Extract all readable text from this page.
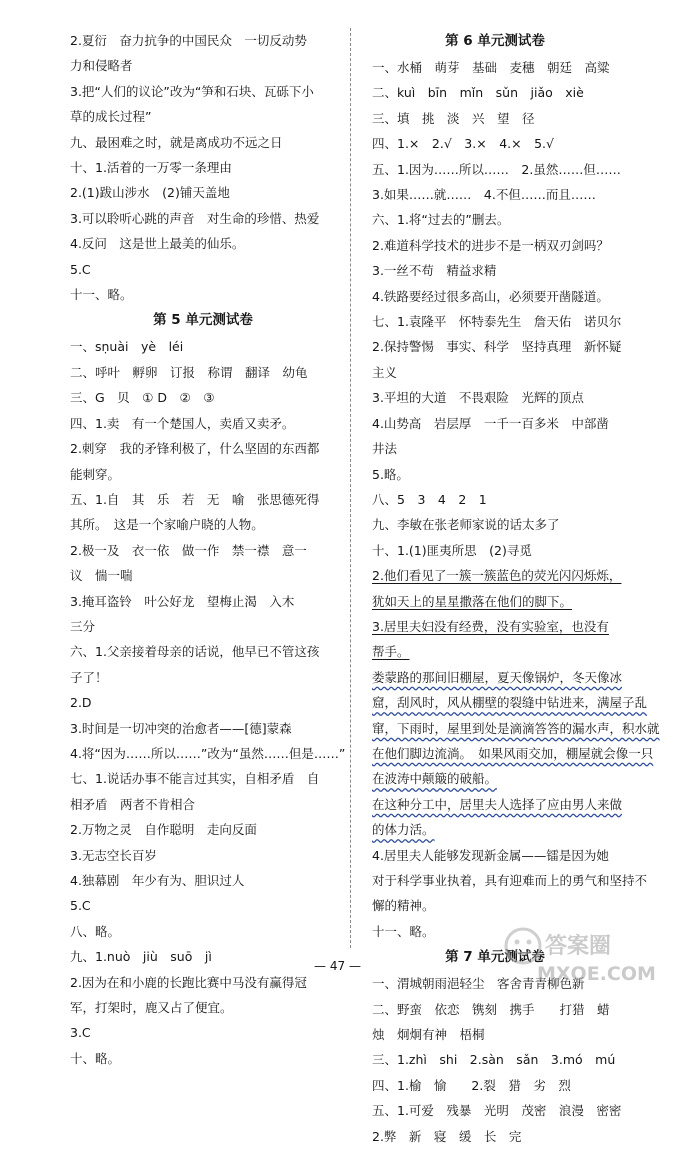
2.夏衍　奋力抗争的中国民众　一切反动势
力和侵略者
3.把“人们的议论”改为“笋和石块、瓦砾下小
草的成长过程”
九、最困难之时，就是离成功不远之日
十、1.活着的一万零一条理由
2.(1)跋山涉水　(2)铺天盖地
3.可以聆听心跳的声音　对生命的珍惜、热爱
4.反问　这是世上最美的仙乐。
5.C
十一、略。
第 5 单元测试卷
一、sṇuài　yè　léi
二、呼叶　孵卵　订报　称谓　翻译　幼龟
三、G　贝　① D　②　③
四、1.卖　有一个楚国人，卖盾又卖矛。
2.刺穿　我的矛锋利极了，什么坚固的东西都
能刺穿。
五、1.自　其　乐　若　无　喻　张思德死得
其所。　这是一个家喻户晓的人物。
2.极一及　衣一依　做一作　禁一襟　意一
议　惴一喘
3.掩耳盗铃　叶公好龙　望梅止渴　入木
三分
六、1.父亲接着母亲的话说，他早已不管这孩
子了！
2.D
3.时间是一切冲突的治愈者——[德]蒙森
4.将“因为……所以……”改为“虽然……但是……”
七、1.说话办事不能言过其实，自相矛盾　自
相矛盾　两者不肯相合
2.万物之灵　自作聪明　走向反面
3.无志空长百岁
4.独幕剧　年少有为、胆识过人
5.C
八、略。
九、1.nuò　jiù　suō　jì
2.因为在和小鹿的长跑比赛中马没有赢得冠
军，打架时，鹿又占了便宜。
3.C
十、略。
第 6 单元测试卷
一、水桶　萌芽　基础　麦穗　朝廷　高粱
二、kuì　bīn　mǐn　sǔn　jiǎo　xiè
三、填　挑　淡　兴　望　径
四、1.×　2.√　3.×　4.×　5.√
五、1.因为……所以……　2.虽然……但……
3.如果……就……　4.不但……而且……
六、1.将“过去的”删去。
2.难道科学技术的进步不是一柄双刃剑吗？
3.一丝不苟　精益求精
4.铁路要经过很多高山，必须要开凿隧道。
七、1.袁隆平　怀特泰先生　詹天佑　诺贝尔
2.保持警惕　事实、科学　坚持真理　新怀疑
主义
3.平坦的大道　不畏艰险　光辉的顶点
4.山势高　岩层厚　一千一百多米　中部凿
井法
5.略。
八、5　3　4　2　1
九、李敏在张老师家说的话太多了
十、1.(1)匪夷所思　(2)寻觅
2.他们看见了一簇一簇蓝色的荧光闪闪烁烁，
犹如天上的星星撒落在他们的脚下。
3.居里夫妇没有经费，没有实验室，也没有
帮手。
娄蒙路的那间旧棚屋，夏天像锅炉，冬天像冰
窟，刮风时，风从棚壁的裂缝中钻进来，满屋子乱
窜，下雨时，屋里到处是滴滴答答的漏水声，积水就
在他们脚边流淌。　如果风雨交加，棚屋就会像一只
在波涛中颠簸的破船。
在这种分工中，居里夫人选择了应由男人来做
的体力活。
4.居里夫人能够发现新金属——镭是因为她
对于科学事业执着，具有迎难而上的勇气和坚持不
懈的精神。
十一、略。
第 7 单元测试卷
一、渭城朝雨浥轻尘　客舍青青柳色新
二、野蛮　依恋　镌刻　携手　　打猎　蜡
烛　炯炯有神　梧桐
三、1.zhì　shi　2.sàn　sǎn　3.mó　mú
四、1.榆　愉　　2.裂　猎　劣　烈
五、1.可爱　残暴　光明　茂密　浪漫　密密
2.弊　新　寝　缓　长　完　　
— 47 —
答案圈
MXQE.COM
